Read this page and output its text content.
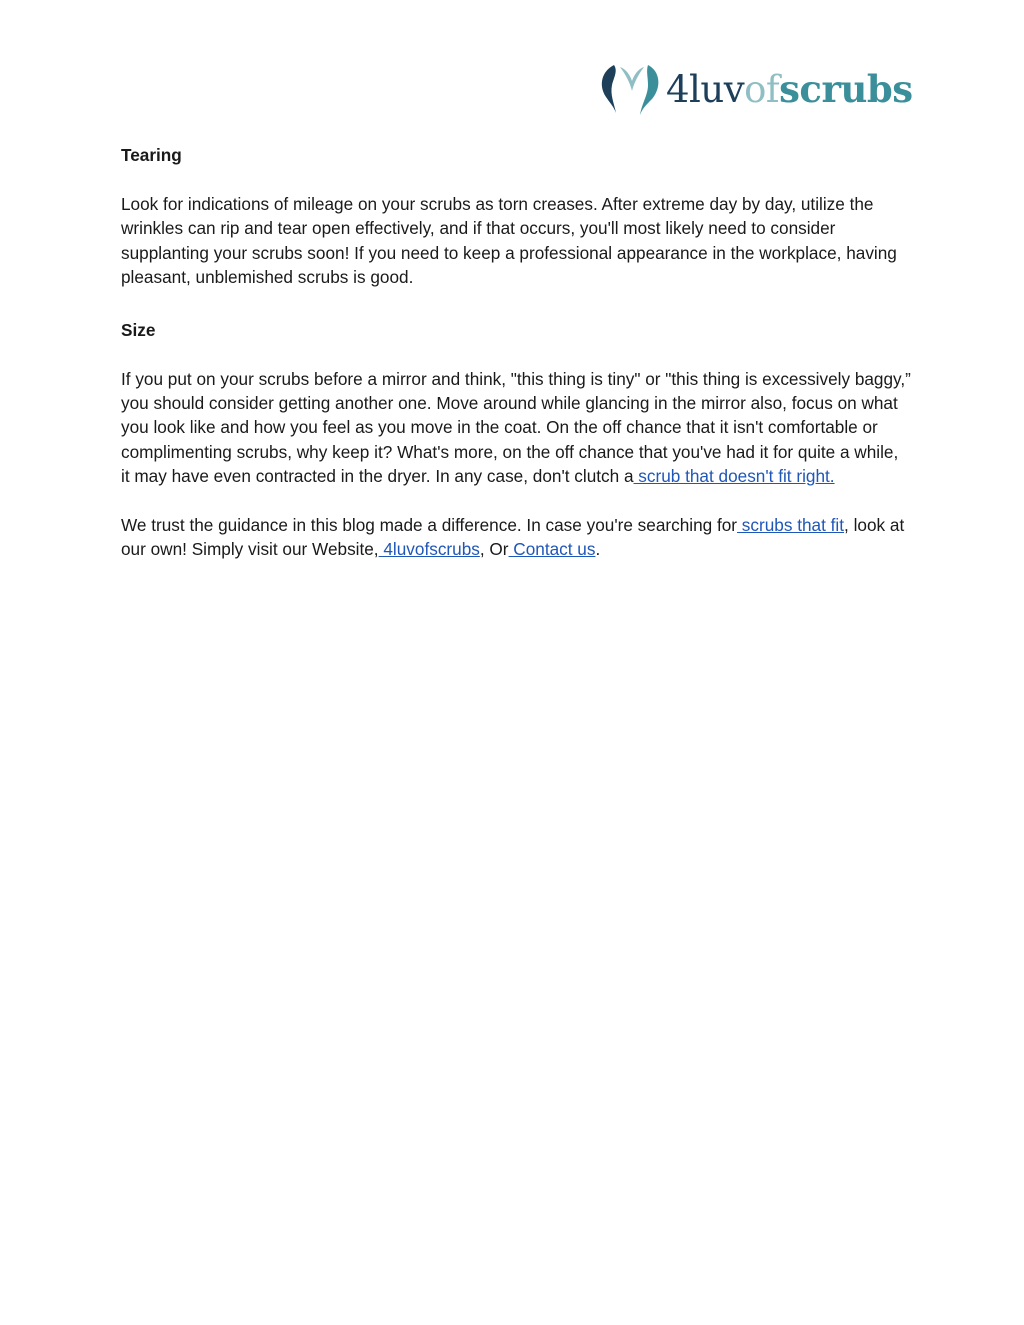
4luvofscrubs

Tearing

Look for indications of mileage on your scrubs as torn creases. After extreme day by day, utilize the wrinkles can rip and tear open effectively, and if that occurs, you'll most likely need to consider supplanting your scrubs soon! If you need to keep a professional appearance in the workplace, having pleasant, unblemished scrubs is good.

Size

If you put on your scrubs before a mirror and think, "this thing is tiny" or "this thing is excessively baggy,” you should consider getting another one. Move around while glancing in the mirror also, focus on what you look like and how you feel as you move in the coat. On the off chance that it isn't comfortable or complimenting scrubs, why keep it? What's more, on the off chance that you've had it for quite a while, it may have even contracted in the dryer. In any case, don't clutch a scrub that doesn't fit right.

We trust the guidance in this blog made a difference. In case you're searching for scrubs that fit, look at our own! Simply visit our Website, 4luvofscrubs, Or Contact us.
